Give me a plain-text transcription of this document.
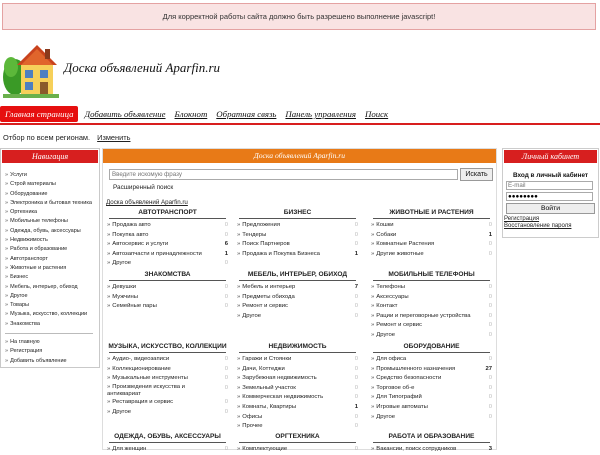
Для корректной работы сайта должно быть разрешено выполнение javascript!
Доска объявлений Aparfin.ru
Главная страница	Добавить объявление Блокнот Обратная связь Панель управления Поиск
Отбор по всем регионам. Изменить
Навигация
» Услуги
» Строй материалы
» Оборудование
» Электроника и бытовая техника
» Ортехника
» Мобильные телефоны
» Одежда, обувь, аксессуары
» Недвижимость
» Работа и образование
» Автотранспорт
» Животные и растения
» Бизнес
» Мебель, интерьер, обиход
» Другое
» Товары
» Музыка, искусство, коллекции
» Знакомства
» На главную
» Регистрация
» Добавить объявление
Доска объявлений Aparfin.ru
Введите искомую фразу
Искать
Расширенный поиск
Доска объявлений Aparfin.ru
АВТОТРАНСПОРТ
» Продажа авто	0
» Покупка авто	0
» Автосервис и услуги	6
» Автозапчасти и принадлежности	1
» Другое	0
БИЗНЕС
» Предложения	0
» Тендеры	0
» Поиск Партнеров	0
» Продажа и Покупка Бизнеса	1
ЖИВОТНЫЕ И РАСТЕНИЯ
» Кошки	0
» Собаки	1
» Комнатные Растения	0
» Другие животные	0
ЗНАКОМСТВА
» Девушки	0
» Мужчины	0
» Семейные пары	0
МЕБЕЛЬ, ИНТЕРЬЕР, ОБИХОД
» Мебель и интерьер	7
» Предметы обихода	0
» Ремонт и сервис	0
» Другое	0
МОБИЛЬНЫЕ ТЕЛЕФОНЫ
» Телефоны	0
» Аксессуары	0
» Контакт	0
» Рации и переговорные устройства	0
» Ремонт и сервис	0
» Другое	0
МУЗЫКА, ИСКУССТВО, КОЛЛЕКЦИИ
» Аудио-, видеозаписи	0
» Коллекционирование	0
» Музыкальные инструменты	0
» Произведения искусства и антиквариат
0
» Реставрация и сервис	0
» Другое	0
НЕДВИЖИМОСТЬ
» Гаражи и Стоянки	0
» Дачи, Коттеджи	0
» Зарубежная недвижимость	0
» Земельный участок	0
» Коммерческая недвижимость	0
» Комнаты, Квартиры	1
» Офисы	0
» Прочее	0
ОБОРУДОВАНИЕ
» Для офиса	0
» Промышленного назначения	27
» Средство безопасности	0
» Торговое об-е	0
» Для Типографий	0
» Игровые автоматы	0
» Другое	0
ОДЕЖДА, ОБУВЬ, АКСЕССУАРЫ
» Для женщин	0
ОРГТЕХНИКА
» Комплектующие	0
РАБОТА И ОБРАЗОВАНИЕ
» Вакансии, поиск сотрудников	3
Личный кабинет
Вход в личный кабинет
E-mail
●●●●●●●●
Войти
Регистрация
Восстановление пароля
